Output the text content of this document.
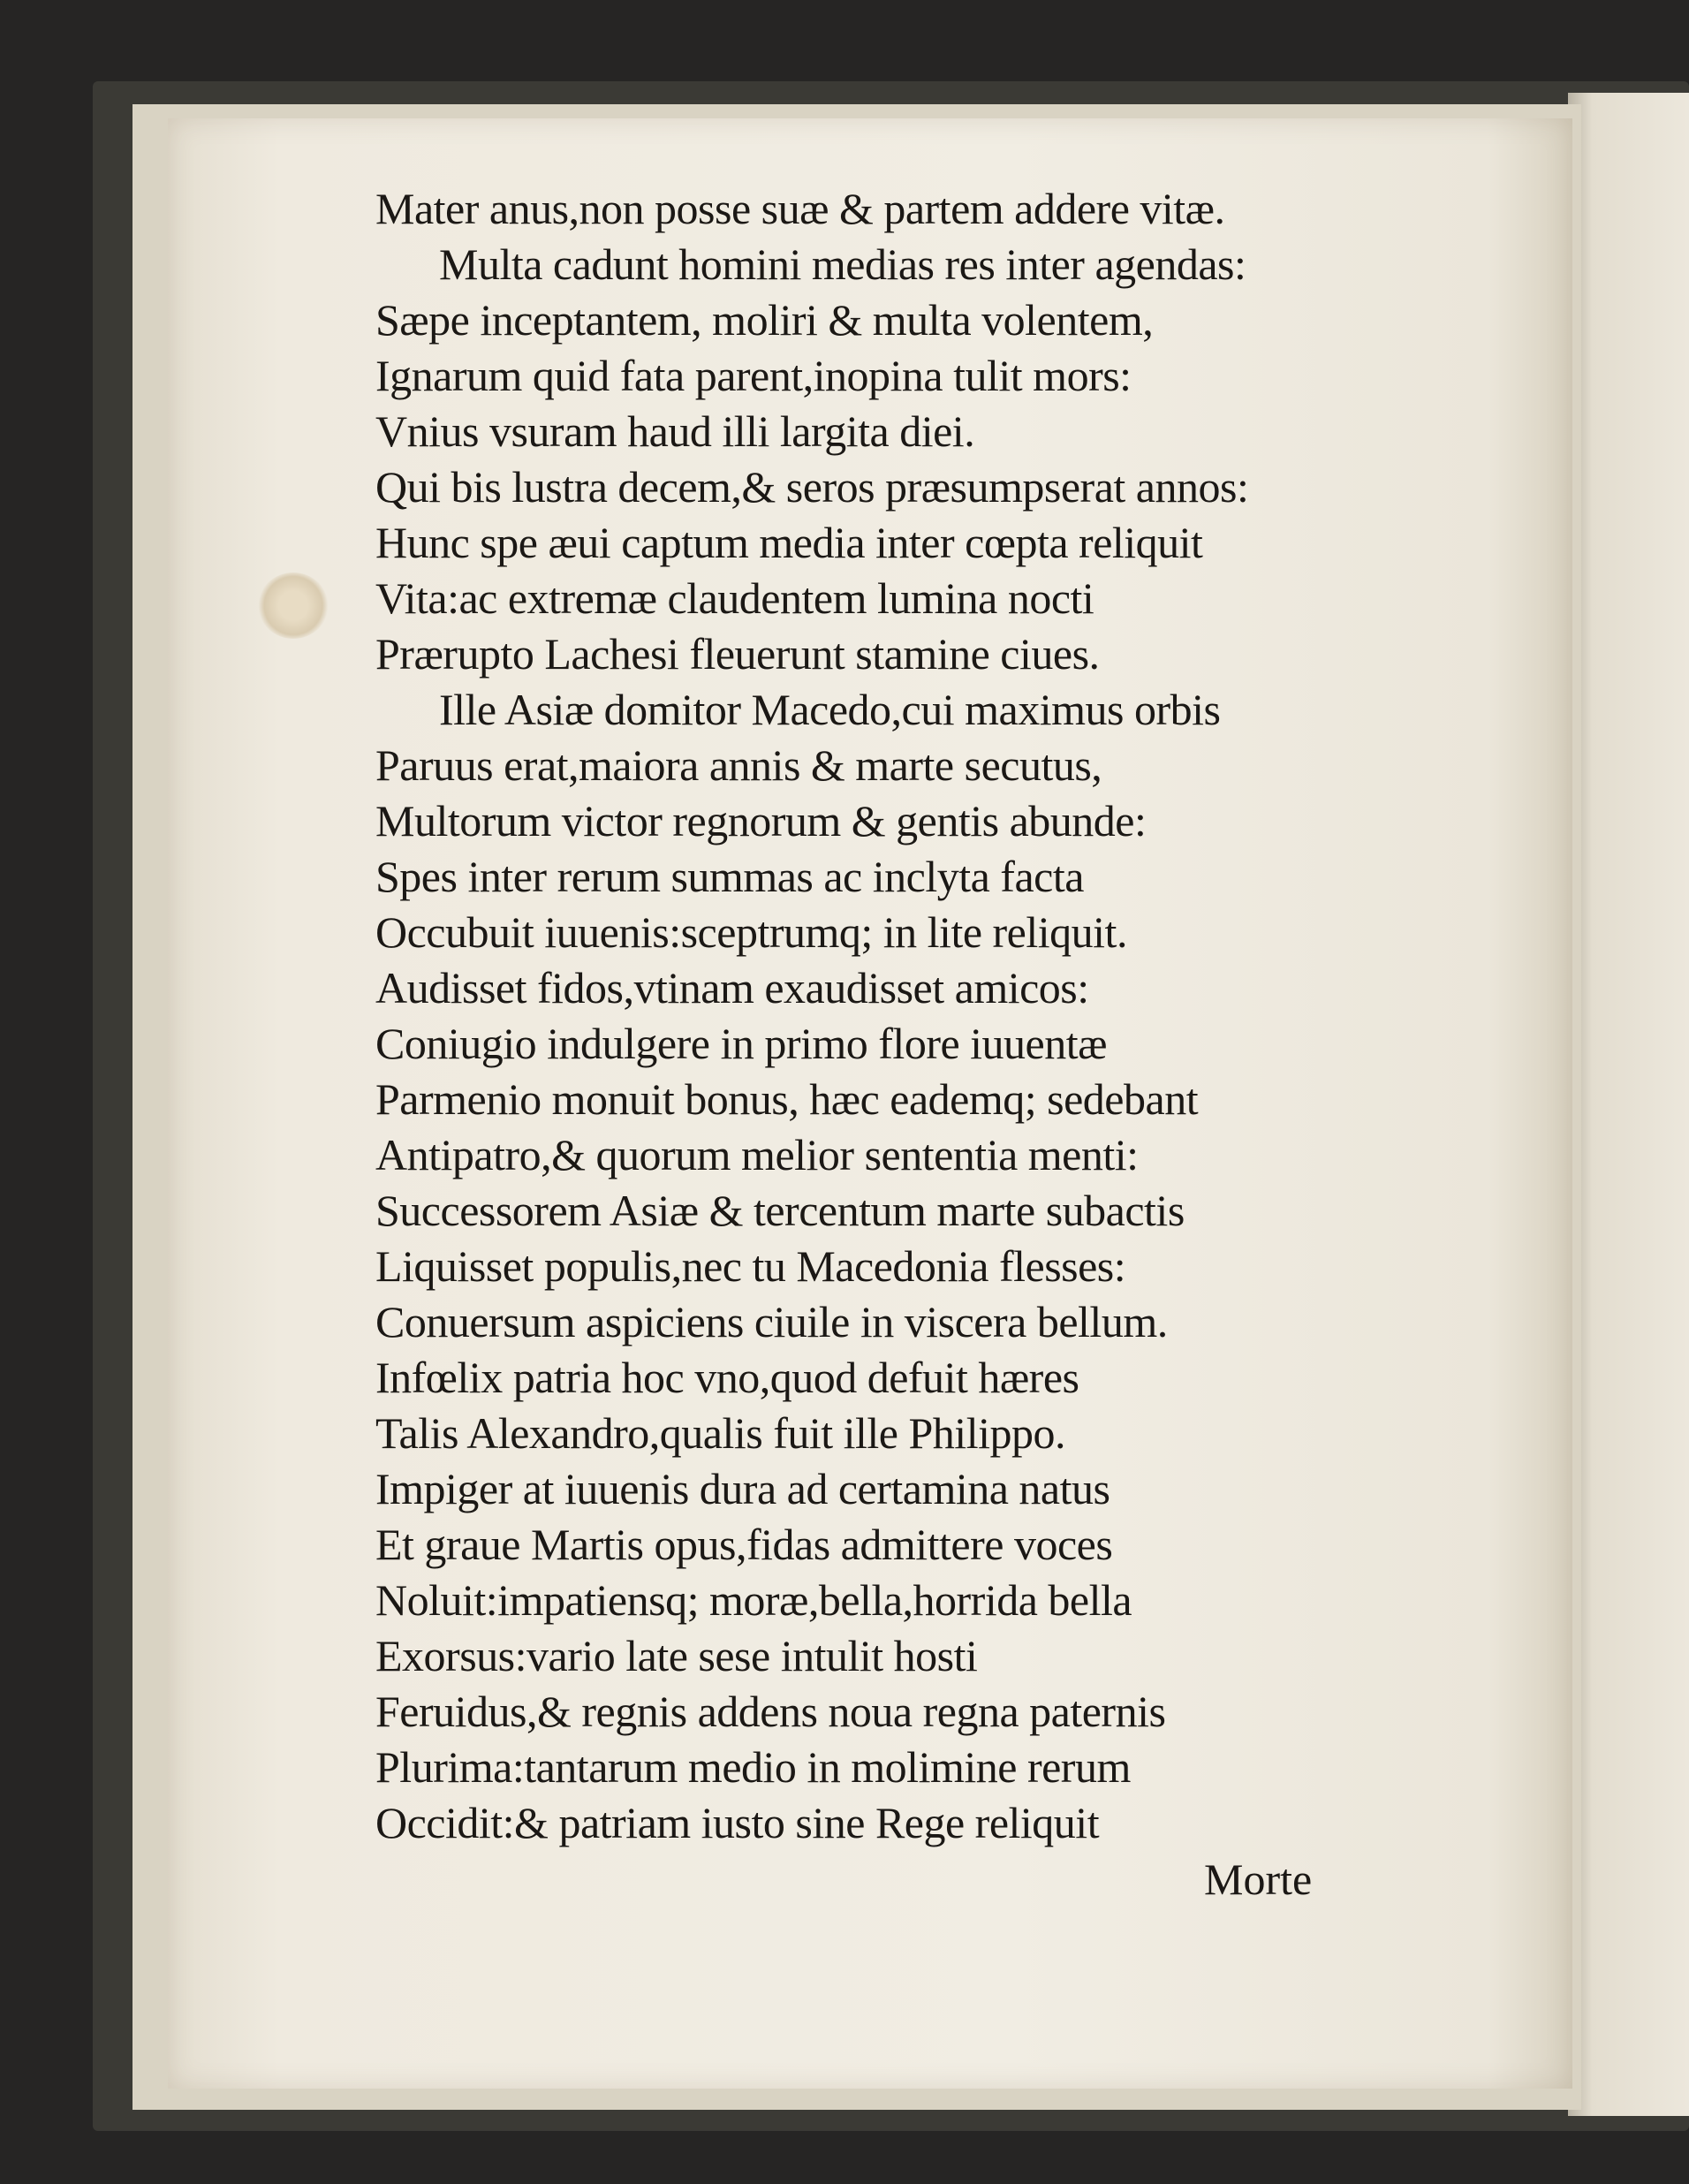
Mater anus,non posse suæ & partem addere vitæ.
Multa cadunt homini medias res inter agendas:
Sæpe inceptantem, moliri & multa volentem,
Ignarum quid fata parent,inopina tulit mors:
Vnius vsuram haud illi largita diei.
Qui bis lustra decem,& seros præsumpserat annos:
Hunc spe æui captum media inter cœpta reliquit
Vita:ac extremæ claudentem lumina nocti
Prærupto Lachesi fleuerunt stamine ciues.
Ille Asiæ domitor Macedo,cui maximus orbis
Paruus erat,maiora annis & marte secutus,
Multorum victor regnorum & gentis abunde:
Spes inter rerum summas ac inclyta facta
Occubuit iuuenis:sceptrumq; in lite reliquit.
Audisset fidos,vtinam exaudisset amicos:
Coniugio indulgere in primo flore iuuentæ
Parmenio monuit bonus, hæc eademq; sedebant
Antipatro,& quorum melior sententia menti:
Successorem Asiæ & tercentum marte subactis
Liquisset populis,nec tu Macedonia flesses:
Conuersum aspiciens ciuile in viscera bellum.
Infœlix patria hoc vno,quod defuit hæres
Talis Alexandro,qualis fuit ille Philippo.
Impiger at iuuenis dura ad certamina natus
Et graue Martis opus,fidas admittere voces
Noluit:impatiensq; moræ,bella,horrida bella
Exorsus:vario late sese intulit hosti
Feruidus,& regnis addens noua regna paternis
Plurima:tantarum medio in molimine rerum
Occidit:& patriam iusto sine Rege reliquit
Morte
